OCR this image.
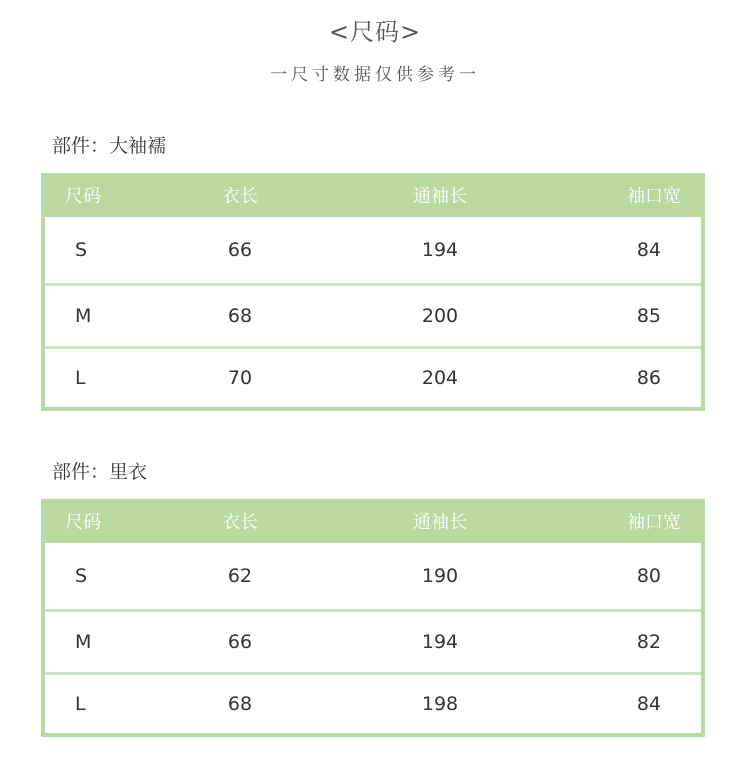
<尺码>
一尺寸数据仅供参考一
部件：大袖襦
尺码	衣长	通袖长	袖口宽
S	66	194	84
M	68	200	85
L	70	204	86
部件：里衣
尺码	衣长	通袖长	袖口宽
S	62	190	80
M	66	194	82
L	68	198	84
